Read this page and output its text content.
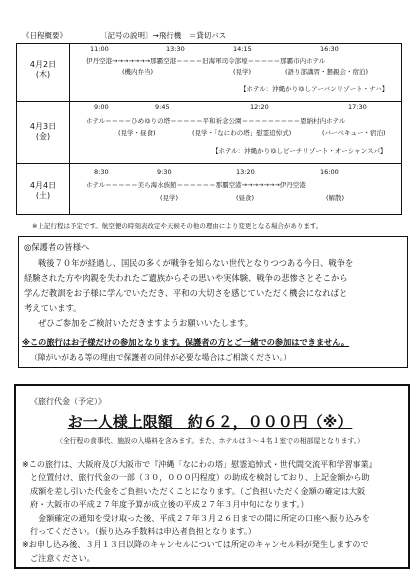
《日程概要》	〔記号の説明〕→飛行機　＝貸切バス
4月2日
(木)
11:00	13:30	14:15	16:30
伊丹空港→→→→→→→那覇空港＝＝＝＝旧海軍司令部壕＝＝＝＝＝那覇市内ホテル
(機内弁当)	(見学)	(語り部講習・懇親会・宿泊)
【ホテル：沖縄かりゆしアーバンリゾート・ナハ】
4月3日
(金)
9:00	9:45	12:20	17:30
ホテル＝＝＝＝ひめゆりの塔＝＝＝＝＝平和祈念公園＝＝＝＝＝＝＝＝＝恩納村内ホテル
(見学・昼食)	(見学・「なにわの塔」慰霊追悼式)	(バーベキュー・宿泊)
【ホテル：沖縄かりゆしビーチリゾート・オーシャンスパ】
4月4日
(土)
8:30	9:30	13:20	16:00
ホテル＝＝＝＝＝美ら海水族館＝＝＝＝＝＝那覇空港→→→→→→→伊丹空港
(見学)	(昼食)	(解散)
※上記行程は予定です。航空便の時刻表改定や天候その他の理由により変更となる場合があります。
◎保護者の皆様へ
戦後７０年が経過し、国民の多くが戦争を知らない世代となりつつある今日、戦争を
経験された方や肉親を失われたご遺族からその思いや実体験、戦争の悲惨さとそこから
学んだ教訓をお子様に学んでいただき、平和の大切さを感じていただく機会になればと
考えています。
ぜひご参加をご検討いただきますようお願いいたします。
※この旅行はお子様だけの参加となります。保護者の方とご一緒での参加はできません。
（障がいがある等の理由で保護者の同伴が必要な場合はご相談ください。）
《旅行代金（予定）》
お一人様上限額　約６２，０００円（※）
（全行程の食事代、施設の入場料を含みます。また、ホテルは３～４名１室での相部屋となります。）
※この旅行は、大阪府及び大阪市で『沖縄「なにわの塔」慰霊追悼式・世代間交流平和学習事業』
と位置付け、旅行代金の一部（３０，０００円程度）の助成を検討しており、上記金額から助
成額を差し引いた代金をご負担いただくことになります。（ご負担いただく金額の確定は大阪
府・大阪市の平成２７年度予算が成立後の平成２７年３月中旬になります。）
金額確定の通知を受け取った後、平成２７年３月２６日までの間に所定の口座へ振り込みを
行ってください。（振り込み手数料は申込者負担となります。）
※お申し込み後、３月１３日以降のキャンセルについては所定のキャンセル料が発生しますので
ご注意ください。
